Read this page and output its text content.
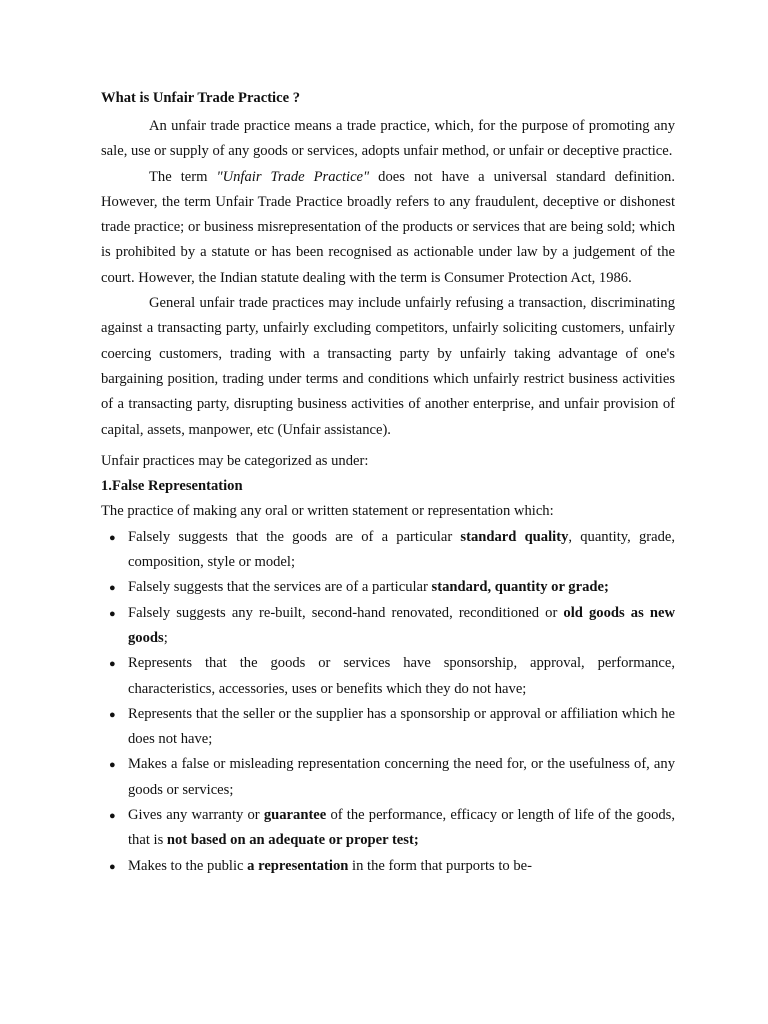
What is Unfair Trade Practice ?

An unfair trade practice means a trade practice, which, for the purpose of promoting any sale, use or supply of any goods or services, adopts unfair method, or unfair or deceptive practice.

The term "Unfair Trade Practice" does not have a universal standard definition. However, the term Unfair Trade Practice broadly refers to any fraudulent, deceptive or dishonest trade practice; or business misrepresentation of the products or services that are being sold; which is prohibited by a statute or has been recognised as actionable under law by a judgement of the court. However, the Indian statute dealing with the term is Consumer Protection Act, 1986.

General unfair trade practices may include unfairly refusing a transaction, discriminating against a transacting party, unfairly excluding competitors, unfairly soliciting customers, unfairly coercing customers, trading with a transacting party by unfairly taking advantage of one's bargaining position, trading under terms and conditions which unfairly restrict business activities of a transacting party, disrupting business activities of another enterprise, and unfair provision of capital, assets, manpower, etc (Unfair assistance).

Unfair practices may be categorized as under:

1.False Representation

The practice of making any oral or written statement or representation which:

● Falsely suggests that the goods are of a particular standard quality, quantity, grade, composition, style or model;
● Falsely suggests that the services are of a particular standard, quantity or grade;
● Falsely suggests any re-built, second-hand renovated, reconditioned or old goods as new goods;
● Represents that the goods or services have sponsorship, approval, performance, characteristics, accessories, uses or benefits which they do not have;
● Represents that the seller or the supplier has a sponsorship or approval or affiliation which he does not have;
● Makes a false or misleading representation concerning the need for, or the usefulness of, any goods or services;
● Gives any warranty or guarantee of the performance, efficacy or length of life of the goods, that is not based on an adequate or proper test;
● Makes to the public a representation in the form that purports to be-
